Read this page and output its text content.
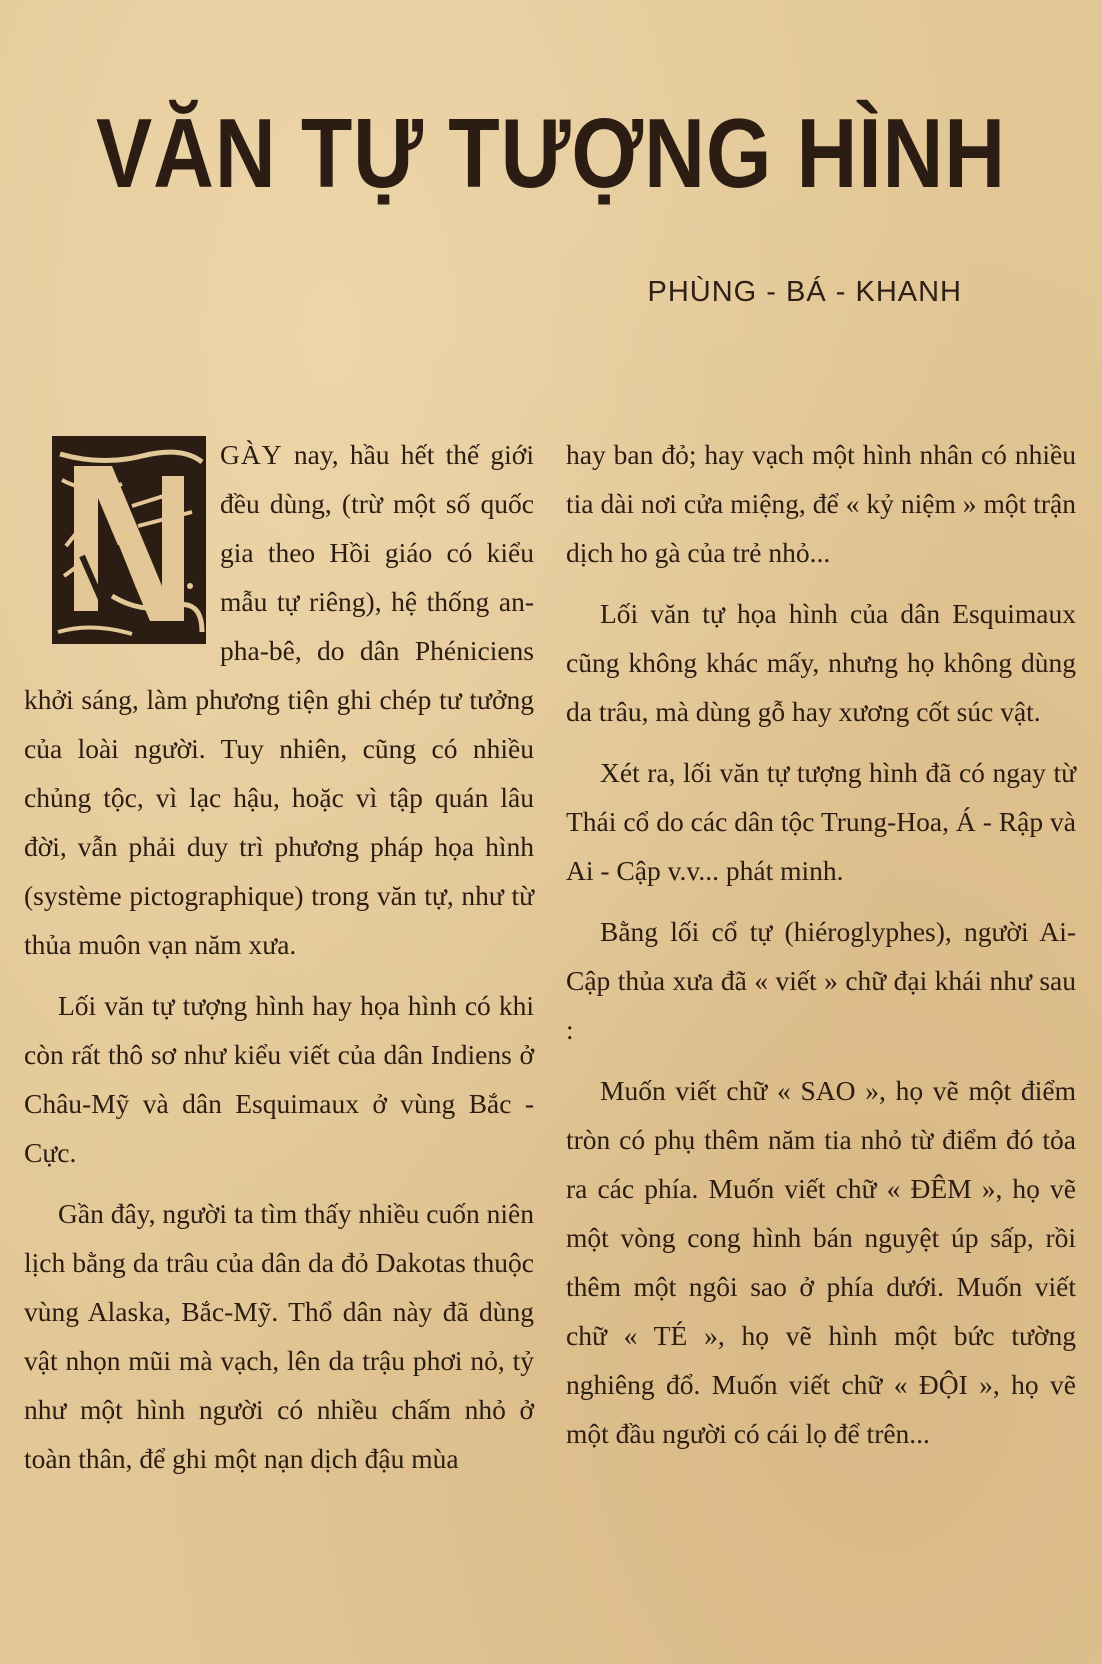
VĂN TỰ TƯỢNG HÌNH
PHÙNG - BÁ - KHANH

GÀY nay, hầu hết thế giới đều dùng, (trừ một số quốc gia theo Hồi giáo có kiểu mẫu tự riêng), hệ thống an-pha-bê, do dân Phéniciens khởi sáng, làm phương tiện ghi chép tư tưởng của loài người. Tuy nhiên, cũng có nhiều chủng tộc, vì lạc hậu, hoặc vì tập quán lâu đời, vẫn phải duy trì phương pháp họa hình (système pictographique) trong văn tự, như từ thủa muôn vạn năm xưa.

Lối văn tự tượng hình hay họa hình có khi còn rất thô sơ như kiểu viết của dân Indiens ở Châu-Mỹ và dân Esquimaux ở vùng Bắc - Cực.

Gần đây, người ta tìm thấy nhiều cuốn niên lịch bằng da trâu của dân da đỏ Dakotas thuộc vùng Alaska, Bắc-Mỹ. Thổ dân này đã dùng vật nhọn mũi mà vạch, lên da trậu phơi nỏ, tỷ như một hình người có nhiều chấm nhỏ ở toàn thân, để ghi một nạn dịch đậu mùa

hay ban đỏ; hay vạch một hình nhân có nhiều tia dài nơi cửa miệng, để « kỷ niệm » một trận dịch ho gà của trẻ nhỏ...

Lối văn tự họa hình của dân Esquimaux cũng không khác mấy, nhưng họ không dùng da trâu, mà dùng gỗ hay xương cốt súc vật.

Xét ra, lối văn tự tượng hình đã có ngay từ Thái cổ do các dân tộc Trung-Hoa, Á - Rập và Ai - Cập v.v... phát minh.

Bằng lối cổ tự (hiéroglyphes), người Ai-Cập thủa xưa đã « viết » chữ đại khái như sau :

Muốn viết chữ « SAO », họ vẽ một điểm tròn có phụ thêm năm tia nhỏ từ điểm đó tỏa ra các phía. Muốn viết chữ « ĐÊM », họ vẽ một vòng cong hình bán nguyệt úp sấp, rồi thêm một ngôi sao ở phía dưới. Muốn viết chữ « TÉ », họ vẽ hình một bức tường nghiêng đổ. Muốn viết chữ « ĐỘI », họ vẽ một đầu người có cái lọ để trên...
